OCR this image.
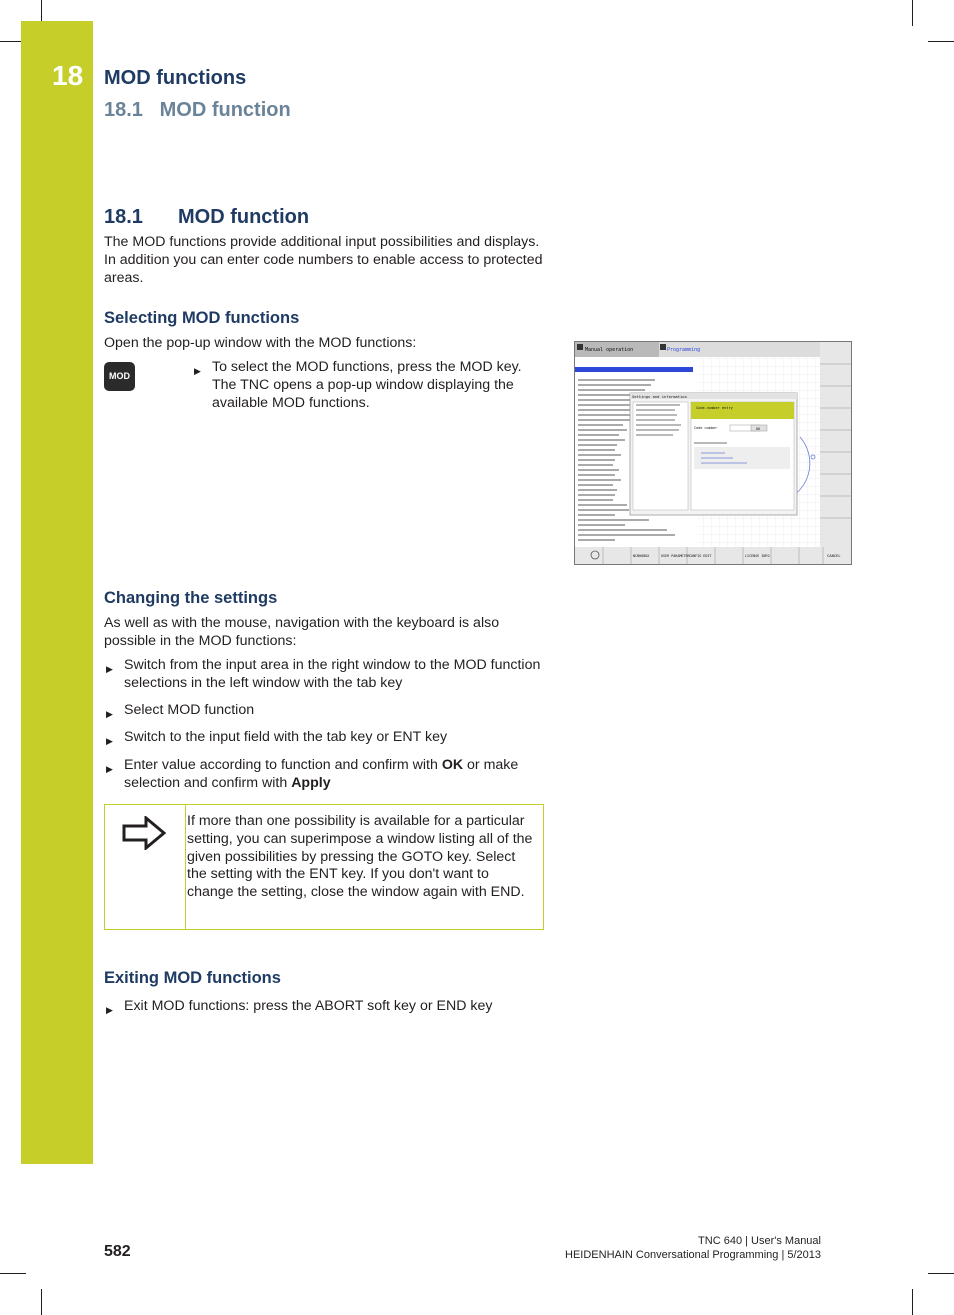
18 MOD functions
18.1 MOD function
18.1 MOD function
The MOD functions provide additional input possibilities and displays. In addition you can enter code numbers to enable access to protected areas.
Selecting MOD functions
Open the pop-up window with the MOD functions:
MOD	▶ To select the MOD functions, press the MOD key. The TNC opens a pop-up window displaying the available MOD functions.
Manual operation	Programming
Settings and information
Code-number entry
Code number	OK
NCBHOBOX	USER PARAMETER CONFIG EDIT	LICENSE INFO	CANCEL
Changing the settings
As well as with the mouse, navigation with the keyboard is also possible in the MOD functions:
▶ Switch from the input area in the right window to the MOD function selections in the left window with the tab key
▶ Select MOD function
▶ Switch to the input field with the tab key or ENT key
▶ Enter value according to function and confirm with OK or make selection and confirm with Apply
If more than one possibility is available for a particular setting, you can superimpose a window listing all of the given possibilities by pressing the GOTO key. Select the setting with the ENT key. If you don't want to change the setting, close the window again with END.
Exiting MOD functions
▶ Exit MOD functions: press the ABORT soft key or END key
582
TNC 640 | User's Manual
HEIDENHAIN Conversational Programming | 5/2013
